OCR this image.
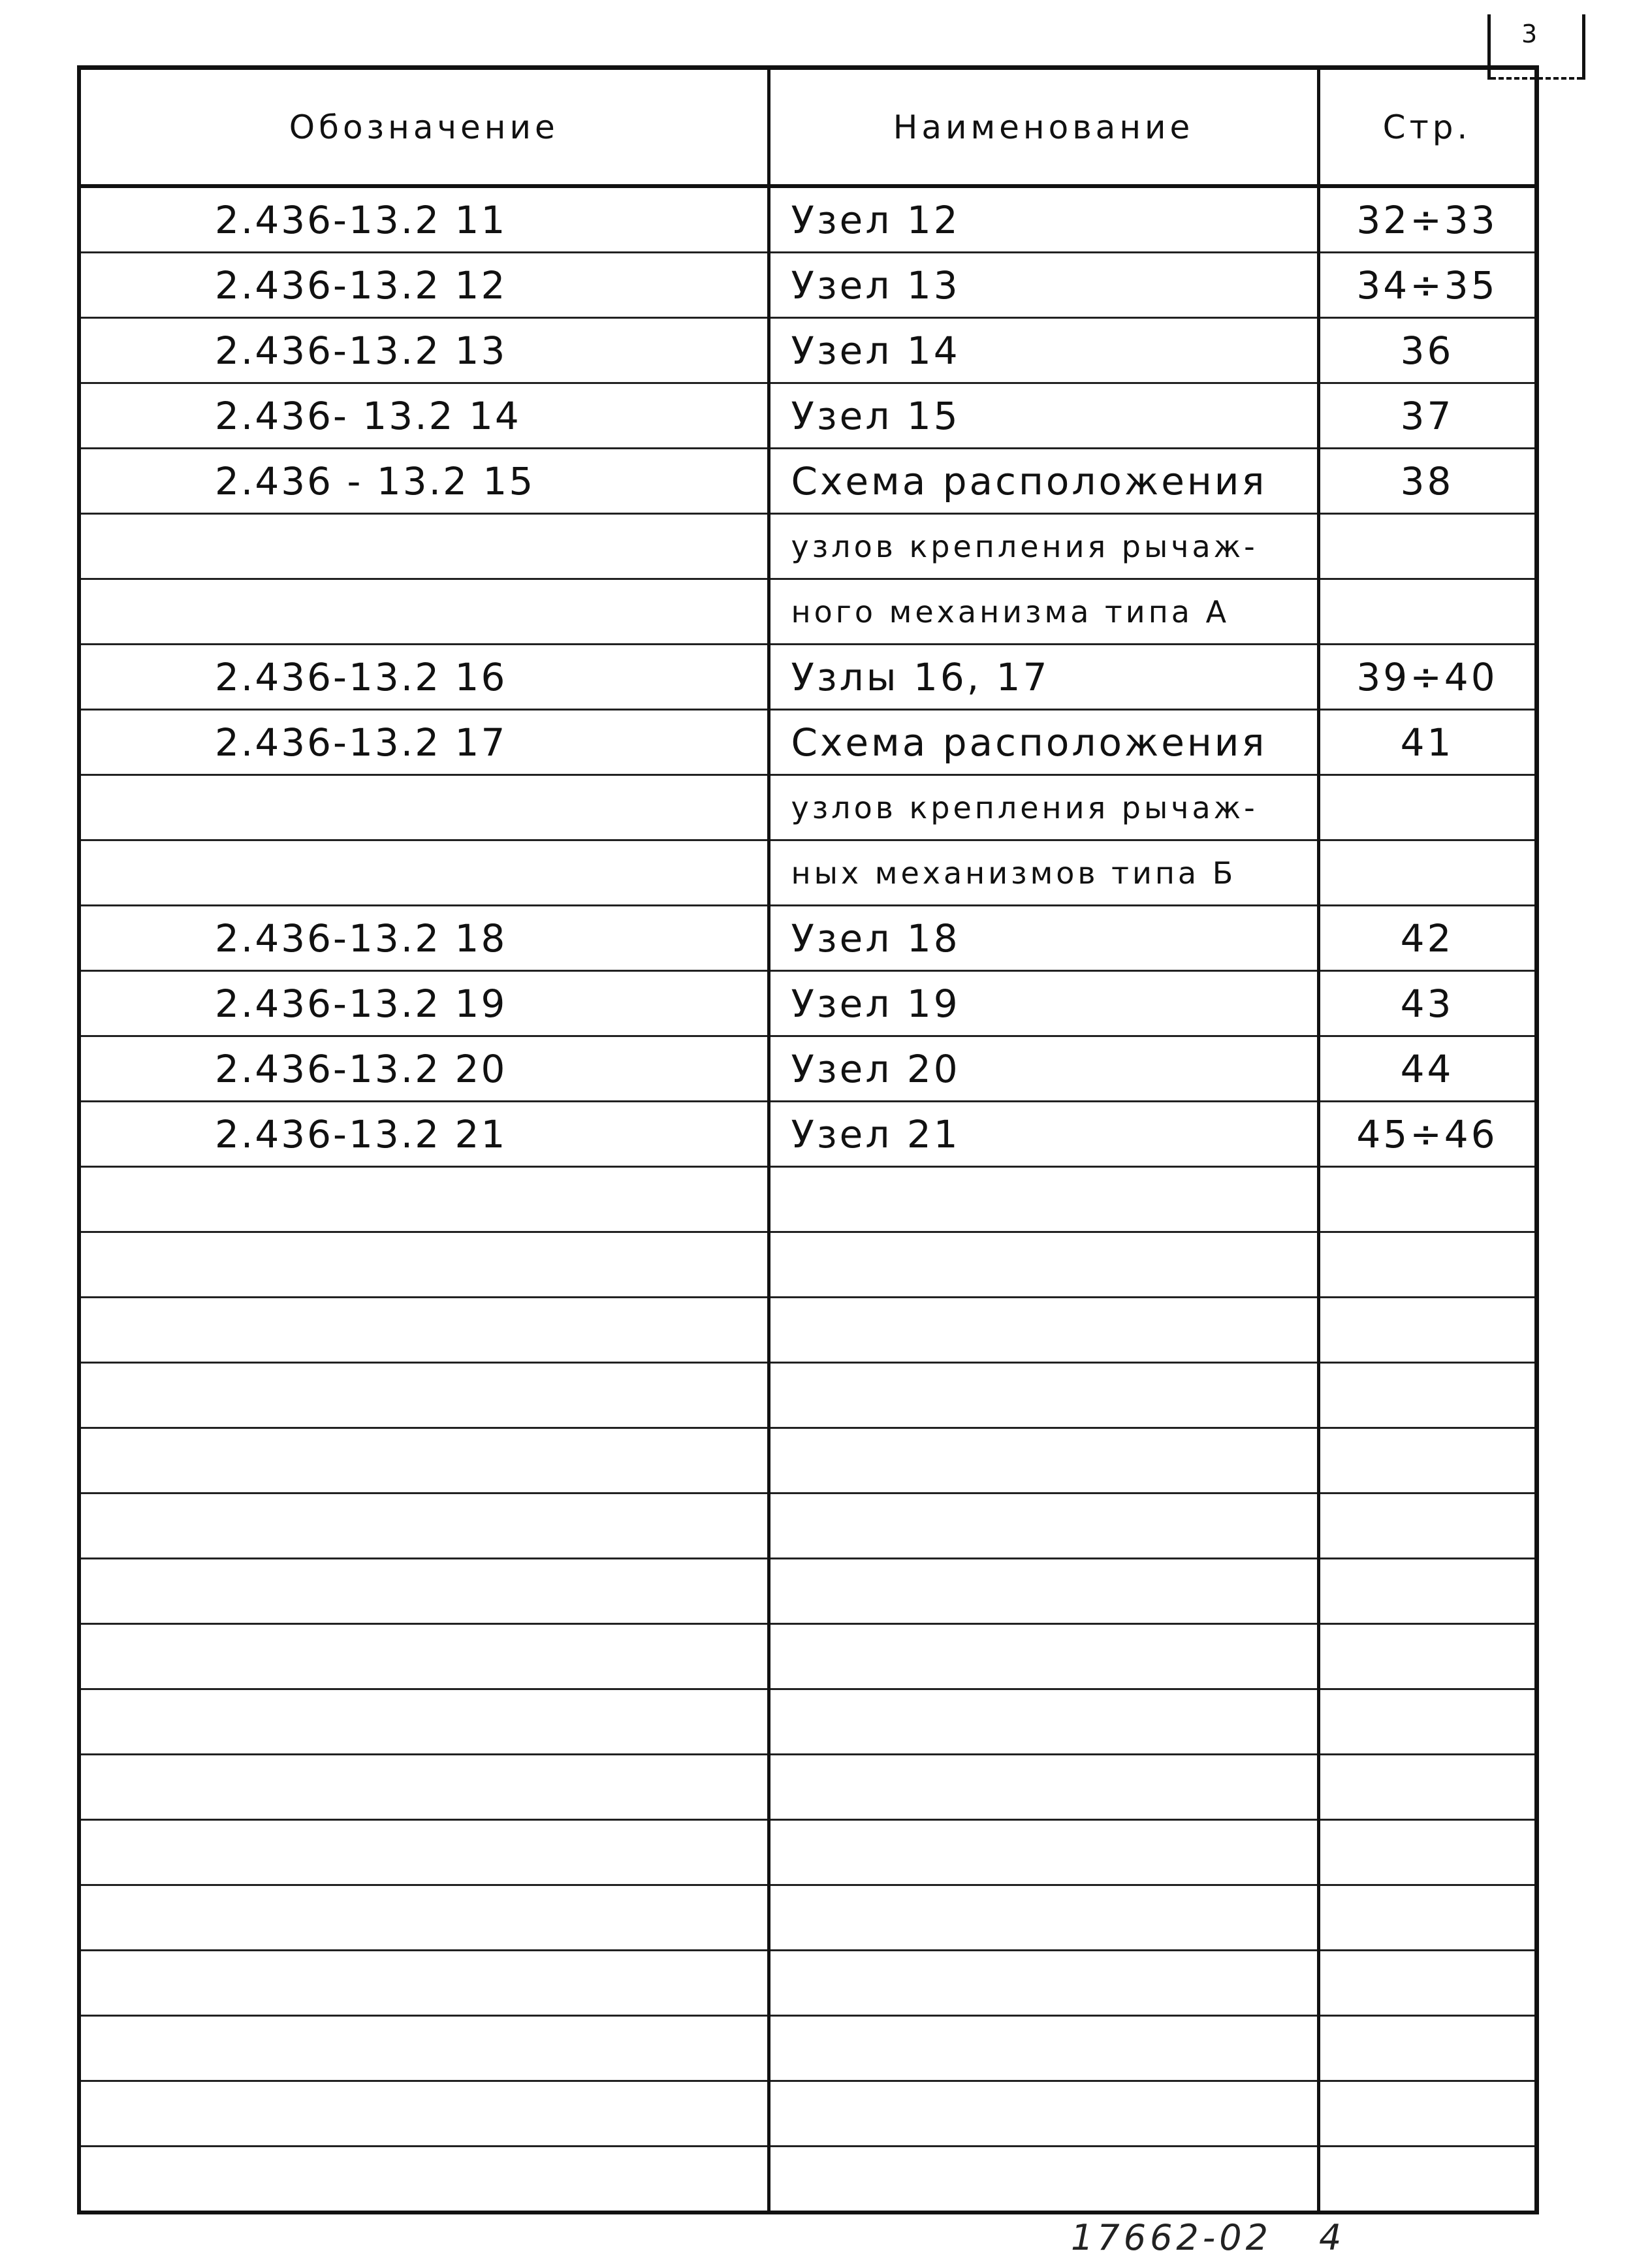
3
Обозначение	Наименование	Стр.
2.436-13.2 11	Узел 12	32÷33
2.436-13.2 12	Узел 13	34÷35
2.436-13.2 13	Узел 14	36
2.436- 13.2 14	Узел 15	37
2.436 - 13.2 15	Схема расположения	38
	узлов крепления рычаж-	
	ного механизма типа А	
2.436-13.2 16	Узлы 16, 17	39÷40
2.436-13.2 17	Схема расположения	41
	узлов крепления рычаж-	
	ных механизмов типа Б	
2.436-13.2 18	Узел 18	42
2.436-13.2 19	Узел 19	43
2.436-13.2 20	Узел 20	44
2.436-13.2 21	Узел 21	45÷46

17662-02 4
